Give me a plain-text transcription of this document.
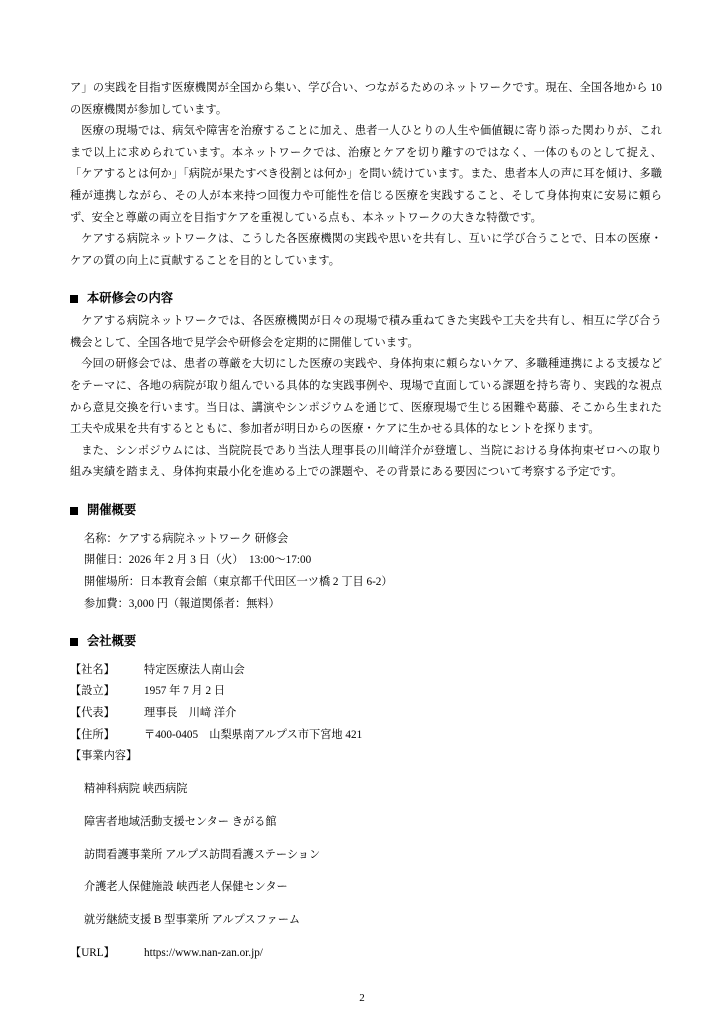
ア」の実践を目指す医療機関が全国から集い、学び合い、つながるためのネットワークです。現在、全国各地から 10 の医療機関が参加しています。

医療の現場では、病気や障害を治療することに加え、患者一人ひとりの人生や価値観に寄り添った関わりが、これまで以上に求められています。本ネットワークでは、治療とケアを切り離すのではなく、一体のものとして捉え、「ケアするとは何か」「病院が果たすべき役割とは何か」を問い続けています。また、患者本人の声に耳を傾け、多職種が連携しながら、その人が本来持つ回復力や可能性を信じる医療を実践すること、そして身体拘束に安易に頼らず、安全と尊厳の両立を目指すケアを重視している点も、本ネットワークの大きな特徴です。

ケアする病院ネットワークは、こうした各医療機関の実践や思いを共有し、互いに学び合うことで、日本の医療・ケアの質の向上に貢献することを目的としています。

本研修会の内容

ケアする病院ネットワークでは、各医療機関が日々の現場で積み重ねてきた実践や工夫を共有し、相互に学び合う機会として、全国各地で見学会や研修会を定期的に開催しています。

今回の研修会では、患者の尊厳を大切にした医療の実践や、身体拘束に頼らないケア、多職種連携による支援などをテーマに、各地の病院が取り組んでいる具体的な実践事例や、現場で直面している課題を持ち寄り、実践的な視点から意見交換を行います。当日は、講演やシンポジウムを通じて、医療現場で生じる困難や葛藤、そこから生まれた工夫や成果を共有するとともに、参加者が明日からの医療・ケアに生かせる具体的なヒントを探ります。

また、シンポジウムには、当院院長であり当法人理事長の川﨑洋介が登壇し、当院における身体拘束ゼロへの取り組み実績を踏まえ、身体拘束最小化を進める上での課題や、その背景にある要因について考察する予定です。

開催概要

名称：ケアする病院ネットワーク 研修会

開催日：2026 年 2 月 3 日（火）　13:00～17:00

開催場所：日本教育会館（東京都千代田区一ツ橋 2 丁目 6-2）

参加費：3,000 円（報道関係者：無料）

会社概要
【社名】	特定医療法人南山会
【設立】	1957 年 7 月 2 日
【代表】	理事長　川﨑 洋介
【住所】	〒400-0405　山梨県南アルプス市下宮地 421
【事業内容】

精神科病院 峡西病院

障害者地域活動支援センター きがる館

訪問看護事業所 アルプス訪問看護ステーション

介護老人保健施設 峡西老人保健センター

就労継続支援 B 型事業所 アルプスファーム

【URL】	https://www.nan-zan.or.jp/
2
